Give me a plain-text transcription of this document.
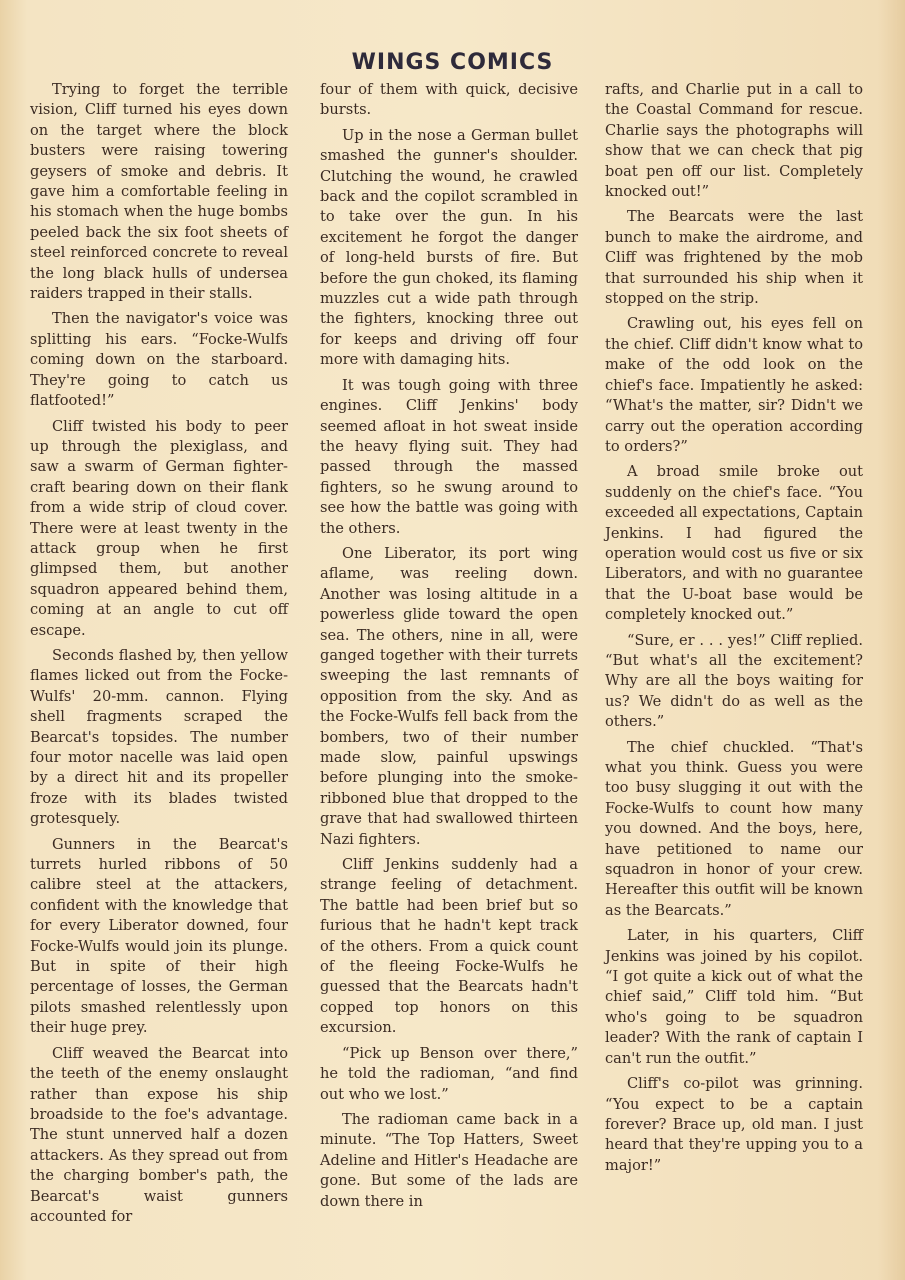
WINGS COMICS

Trying to forget the terrible vision, Cliff turned his eyes down on the target where the block busters were raising towering geysers of smoke and debris. It gave him a comfortable feeling in his stomach when the huge bombs peeled back the six foot sheets of steel reinforced concrete to reveal the long black hulls of undersea raiders trapped in their stalls.

Then the navigator's voice was splitting his ears. “Focke-Wulfs coming down on the starboard. They're going to catch us flatfooted!”

Cliff twisted his body to peer up through the plexiglass, and saw a swarm of German fighter-craft bearing down on their flank from a wide strip of cloud cover. There were at least twenty in the attack group when he first glimpsed them, but another squadron appeared behind them, coming at an angle to cut off escape.

Seconds flashed by, then yellow flames licked out from the Focke-Wulfs' 20-mm. cannon. Flying shell fragments scraped the Bearcat's topsides. The number four motor nacelle was laid open by a direct hit and its propeller froze with its blades twisted grotesquely.

Gunners in the Bearcat's turrets hurled ribbons of 50 calibre steel at the attackers, confident with the knowledge that for every Liberator downed, four Focke-Wulfs would join its plunge. But in spite of their high percentage of losses, the German pilots smashed relentlessly upon their huge prey.

Cliff weaved the Bearcat into the teeth of the enemy onslaught rather than expose his ship broadside to the foe's advantage. The stunt unnerved half a dozen attackers. As they spread out from the charging bomber's path, the Bearcat's waist gunners accounted for

four of them with quick, decisive bursts.

Up in the nose a German bullet smashed the gunner's shoulder. Clutching the wound, he crawled back and the copilot scrambled in to take over the gun. In his excitement he forgot the danger of long-held bursts of fire. But before the gun choked, its flaming muzzles cut a wide path through the fighters, knocking three out for keeps and driving off four more with damaging hits.

It was tough going with three engines. Cliff Jenkins' body seemed afloat in hot sweat inside the heavy flying suit. They had passed through the massed fighters, so he swung around to see how the battle was going with the others.

One Liberator, its port wing aflame, was reeling down. Another was losing altitude in a powerless glide toward the open sea. The others, nine in all, were ganged together with their turrets sweeping the last remnants of opposition from the sky. And as the Focke-Wulfs fell back from the bombers, two of their number made slow, painful upswings before plunging into the smoke-ribboned blue that dropped to the grave that had swallowed thirteen Nazi fighters.

Cliff Jenkins suddenly had a strange feeling of detachment. The battle had been brief but so furious that he hadn't kept track of the others. From a quick count of the fleeing Focke-Wulfs he guessed that the Bearcats hadn't copped top honors on this excursion.

“Pick up Benson over there,” he told the radioman, “and find out who we lost.”

The radioman came back in a minute. “The Top Hatters, Sweet Adeline and Hitler's Headache are gone. But some of the lads are down there in

rafts, and Charlie put in a call to the Coastal Command for rescue. Charlie says the photographs will show that we can check that pig boat pen off our list. Completely knocked out!”

The Bearcats were the last bunch to make the airdrome, and Cliff was frightened by the mob that surrounded his ship when it stopped on the strip.

Crawling out, his eyes fell on the chief. Cliff didn't know what to make of the odd look on the chief's face. Impatiently he asked: “What's the matter, sir? Didn't we carry out the operation according to orders?”

A broad smile broke out suddenly on the chief's face. “You exceeded all expectations, Captain Jenkins. I had figured the operation would cost us five or six Liberators, and with no guarantee that the U-boat base would be completely knocked out.”

“Sure, er . . . yes!” Cliff replied. “But what's all the excitement? Why are all the boys waiting for us? We didn't do as well as the others.”

The chief chuckled. “That's what you think. Guess you were too busy slugging it out with the Focke-Wulfs to count how many you downed. And the boys, here, have petitioned to name our squadron in honor of your crew. Hereafter this outfit will be known as the Bearcats.”

Later, in his quarters, Cliff Jenkins was joined by his copilot. “I got quite a kick out of what the chief said,” Cliff told him. “But who's going to be squadron leader? With the rank of captain I can't run the outfit.”

Cliff's co-pilot was grinning. “You expect to be a captain forever? Brace up, old man. I just heard that they're upping you to a major!”
